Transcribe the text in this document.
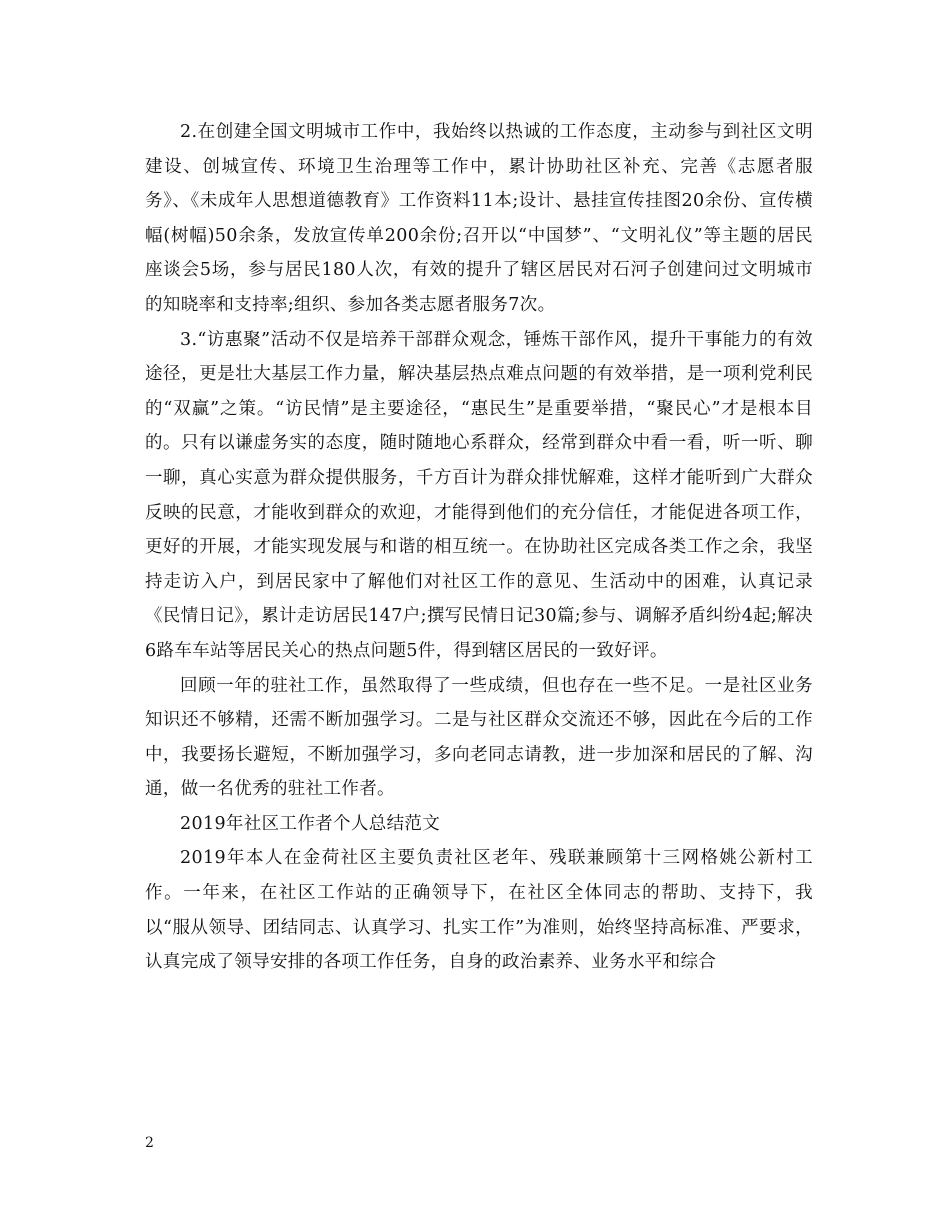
2.在创建全国文明城市工作中，我始终以热诚的工作态度，主动参与到社区文明建设、创城宣传、环境卫生治理等工作中，累计协助社区补充、完善《志愿者服务》、《未成年人思想道德教育》工作资料11本;设计、悬挂宣传挂图20余份、宣传横幅(树幅)50余条，发放宣传单200余份;召开以“中国梦”、“文明礼仪”等主题的居民座谈会5场，参与居民180人次，有效的提升了辖区居民对石河子创建问过文明城市的知晓率和支持率;组织、参加各类志愿者服务7次。

3.“访惠聚”活动不仅是培养干部群众观念，锤炼干部作风，提升干事能力的有效途径，更是壮大基层工作力量，解决基层热点难点问题的有效举措，是一项利党利民的“双赢”之策。“访民情”是主要途径，“惠民生”是重要举措，“聚民心”才是根本目的。只有以谦虚务实的态度，随时随地心系群众，经常到群众中看一看，听一听、聊一聊，真心实意为群众提供服务，千方百计为群众排忧解难，这样才能听到广大群众反映的民意，才能收到群众的欢迎，才能得到他们的充分信任，才能促进各项工作，更好的开展，才能实现发展与和谐的相互统一。在协助社区完成各类工作之余，我坚持走访入户，到居民家中了解他们对社区工作的意见、生活动中的困难，认真记录《民情日记》，累计走访居民147户;撰写民情日记30篇;参与、调解矛盾纠纷4起;解决6路车车站等居民关心的热点问题5件，得到辖区居民的一致好评。

回顾一年的驻社工作，虽然取得了一些成绩，但也存在一些不足。一是社区业务知识还不够精，还需不断加强学习。二是与社区群众交流还不够，因此在今后的工作中，我要扬长避短，不断加强学习，多向老同志请教，进一步加深和居民的了解、沟通，做一名优秀的驻社工作者。

2019年社区工作者个人总结范文

2019年本人在金荷社区主要负责社区老年、残联兼顾第十三网格姚公新村工作。一年来，在社区工作站的正确领导下，在社区全体同志的帮助、支持下，我以“服从领导、团结同志、认真学习、扎实工作”为准则，始终坚持高标准、严要求，认真完成了领导安排的各项工作任务，自身的政治素养、业务水平和综合

2
